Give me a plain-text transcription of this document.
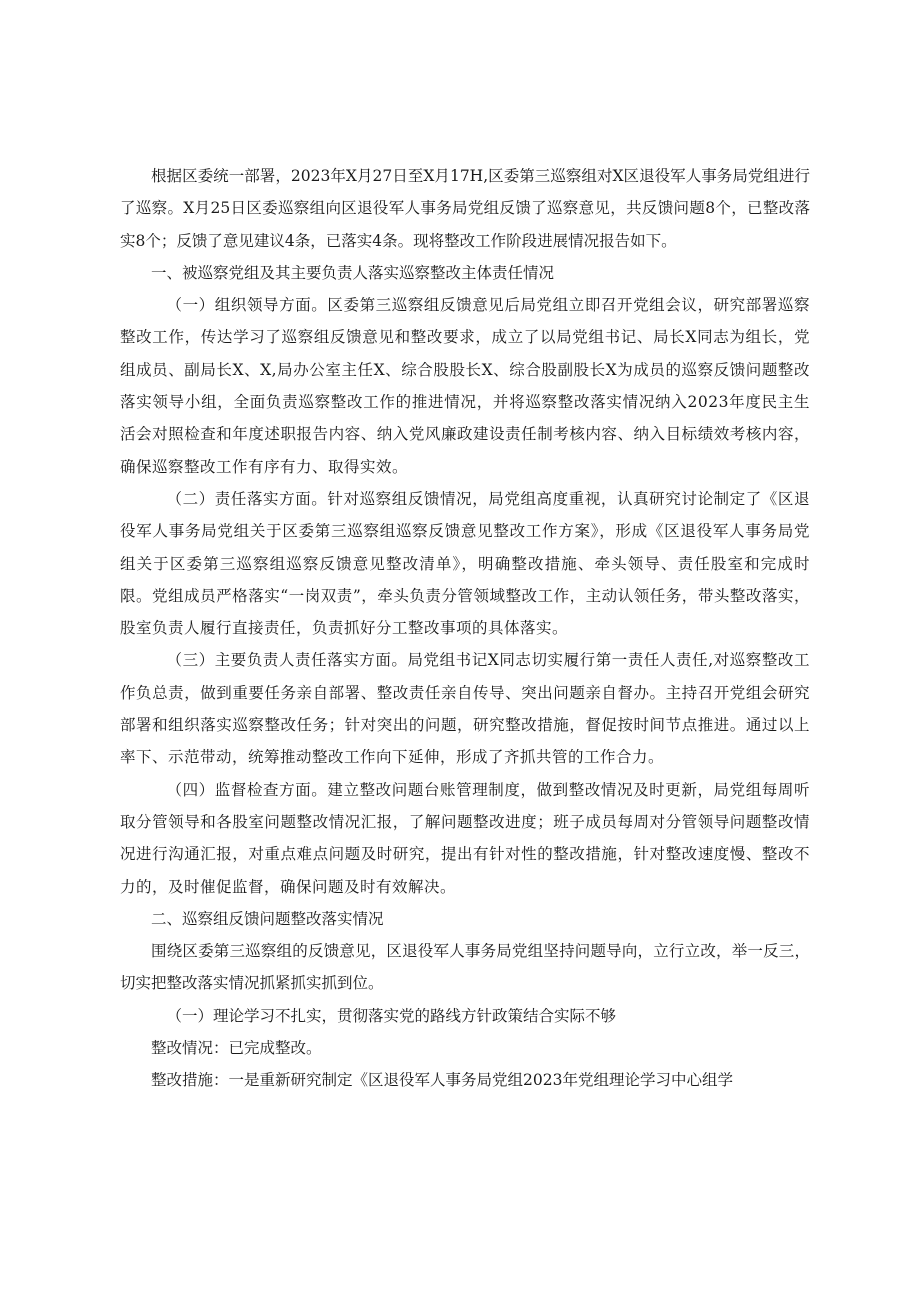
根据区委统一部署，2023年X月27日至X月17H,区委第三巡察组对X区退役军人事务局党组进行了巡察。X月25日区委巡察组向区退役军人事务局党组反馈了巡察意见，共反馈问题8个，已整改落实8个；反馈了意见建议4条，已落实4条。现将整改工作阶段进展情况报告如下。

一、被巡察党组及其主要负责人落实巡察整改主体责任情况

（一）组织领导方面。区委第三巡察组反馈意见后局党组立即召开党组会议，研究部署巡察整改工作，传达学习了巡察组反馈意见和整改要求，成立了以局党组书记、局长X同志为组长，党组成员、副局长X、X,局办公室主任X、综合股股长X、综合股副股长X为成员的巡察反馈问题整改落实领导小组，全面负责巡察整改工作的推进情况，并将巡察整改落实情况纳入2023年度民主生活会对照检查和年度述职报告内容、纳入党风廉政建设责任制考核内容、纳入目标绩效考核内容，确保巡察整改工作有序有力、取得实效。

（二）责任落实方面。针对巡察组反馈情况，局党组高度重视，认真研究讨论制定了《区退役军人事务局党组关于区委第三巡察组巡察反馈意见整改工作方案》，形成《区退役军人事务局党组关于区委第三巡察组巡察反馈意见整改清单》，明确整改措施、牵头领导、责任股室和完成时限。党组成员严格落实“一岗双责”，牵头负责分管领域整改工作，主动认领任务，带头整改落实，股室负责人履行直接责任，负责抓好分工整改事项的具体落实。

（三）主要负责人责任落实方面。局党组书记X同志切实履行第一责任人责任,对巡察整改工作负总责，做到重要任务亲自部署、整改责任亲自传导、突出问题亲自督办。主持召开党组会研究部署和组织落实巡察整改任务；针对突出的问题，研究整改措施，督促按时间节点推进。通过以上率下、示范带动，统筹推动整改工作向下延伸，形成了齐抓共管的工作合力。

（四）监督检查方面。建立整改问题台账管理制度，做到整改情况及时更新，局党组每周听取分管领导和各股室问题整改情况汇报，了解问题整改进度；班子成员每周对分管领导问题整改情况进行沟通汇报，对重点难点问题及时研究，提出有针对性的整改措施，针对整改速度慢、整改不力的，及时催促监督，确保问题及时有效解决。

二、巡察组反馈问题整改落实情况

围绕区委第三巡察组的反馈意见，区退役军人事务局党组坚持问题导向，立行立改，举一反三，切实把整改落实情况抓紧抓实抓到位。

（一）理论学习不扎实，贯彻落实党的路线方针政策结合实际不够

整改情况：已完成整改。

整改措施：一是重新研究制定《区退役军人事务局党组2023年党组理论学习中心组学
